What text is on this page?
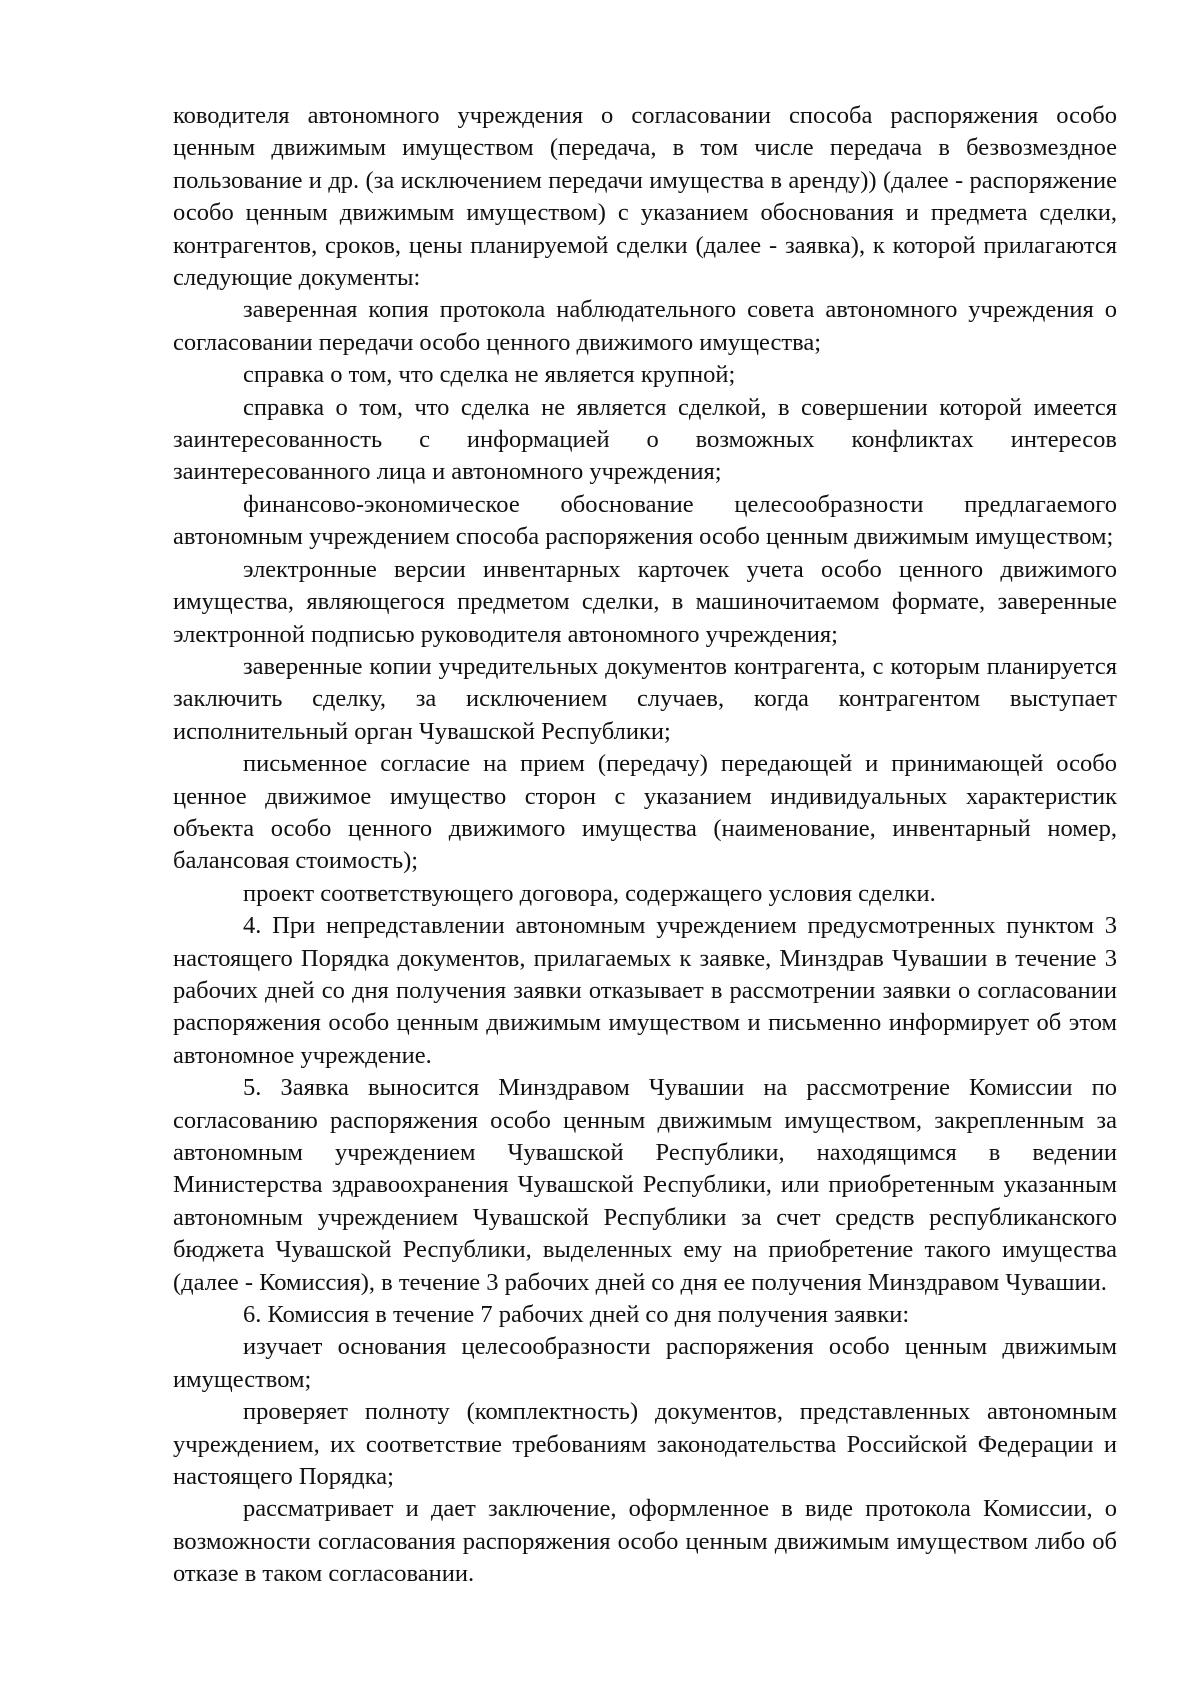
ководителя автономного учреждения о согласовании способа распоряжения особо ценным движимым имуществом (передача, в том числе передача в безвозмездное пользование и др. (за исключением передачи имущества в аренду)) (далее - распоряжение особо ценным движимым имуществом) с указанием обоснования и предмета сделки, контрагентов, сроков, цены планируемой сделки (далее - заявка), к которой прилагаются следующие документы:

заверенная копия протокола наблюдательного совета автономного учреждения о согласовании передачи особо ценного движимого имущества;

справка о том, что сделка не является крупной;

справка о том, что сделка не является сделкой, в совершении которой имеется заинтересованность с информацией о возможных конфликтах интересов заинтересованного лица и автономного учреждения;

финансово-экономическое обоснование целесообразности предлагаемого автономным учреждением способа распоряжения особо ценным движимым имуществом;

электронные версии инвентарных карточек учета особо ценного движимого имущества, являющегося предметом сделки, в машиночитаемом формате, заверенные электронной подписью руководителя автономного учреждения;

заверенные копии учредительных документов контрагента, с которым планируется заключить сделку, за исключением случаев, когда контрагентом выступает исполнительный орган Чувашской Республики;

письменное согласие на прием (передачу) передающей и принимающей особо ценное движимое имущество сторон с указанием индивидуальных характеристик объекта особо ценного движимого имущества (наименование, инвентарный номер, балансовая стоимость);

проект соответствующего договора, содержащего условия сделки.

4. При непредставлении автономным учреждением предусмотренных пунктом 3 настоящего Порядка документов, прилагаемых к заявке, Минздрав Чувашии в течение 3 рабочих дней со дня получения заявки отказывает в рассмотрении заявки о согласовании распоряжения особо ценным движимым имуществом и письменно информирует об этом автономное учреждение.

5. Заявка выносится Минздравом Чувашии на рассмотрение Комиссии по согласованию распоряжения особо ценным движимым имуществом, закрепленным за автономным учреждением Чувашской Республики, находящимся в ведении Министерства здравоохранения Чувашской Республики, или приобретенным указанным автономным учреждением Чувашской Республики за счет средств республиканского бюджета Чувашской Республики, выделенных ему на приобретение такого имущества (далее - Комиссия), в течение 3 рабочих дней со дня ее получения Минздравом Чувашии.

6. Комиссия в течение 7 рабочих дней со дня получения заявки:

изучает основания целесообразности распоряжения особо ценным движимым имуществом;

проверяет полноту (комплектность) документов, представленных автономным учреждением, их соответствие требованиям законодательства Российской Федерации и настоящего Порядка;

рассматривает и дает заключение, оформленное в виде протокола Комиссии, о возможности согласования распоряжения особо ценным движимым имуществом либо об отказе в таком согласовании.
